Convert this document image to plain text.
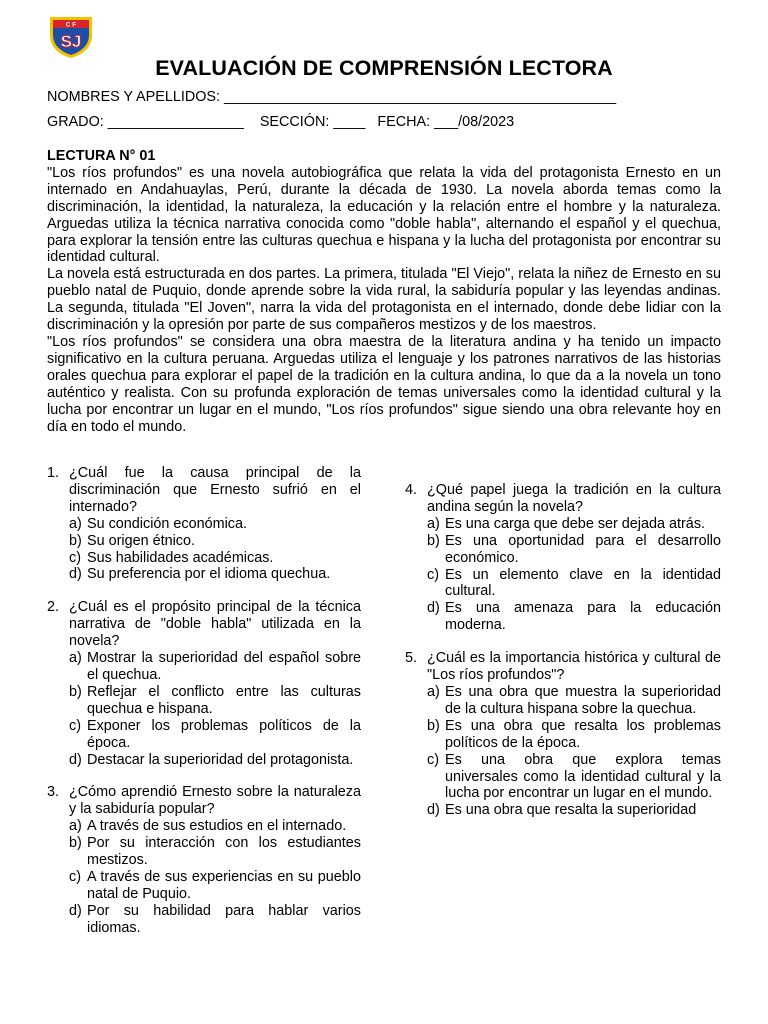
C F
SJ
EVALUACIÓN DE COMPRENSIÓN LECTORA
NOMBRES Y APELLIDOS: _________________________________________________
GRADO: _________________    SECCIÓN: ____   FECHA: ___/08/2023
LECTURA N° 01

"Los ríos profundos" es una novela autobiográfica que relata la vida del protagonista Ernesto en un internado en Andahuaylas, Perú, durante la década de 1930. La novela aborda temas como la discriminación, la identidad, la naturaleza, la educación y la relación entre el hombre y la naturaleza. Arguedas utiliza la técnica narrativa conocida como "doble habla", alternando el español y el quechua, para explorar la tensión entre las culturas quechua e hispana y la lucha del protagonista por encontrar su identidad cultural.

La novela está estructurada en dos partes. La primera, titulada "El Viejo", relata la niñez de Ernesto en su pueblo natal de Puquio, donde aprende sobre la vida rural, la sabiduría popular y las leyendas andinas. La segunda, titulada "El Joven", narra la vida del protagonista en el internado, donde debe lidiar con la discriminación y la opresión por parte de sus compañeros mestizos y de los maestros.

"Los ríos profundos" se considera una obra maestra de la literatura andina y ha tenido un impacto significativo en la cultura peruana. Arguedas utiliza el lenguaje y los patrones narrativos de las historias orales quechua para explorar el papel de la tradición en la cultura andina, lo que da a la novela un tono auténtico y realista. Con su profunda exploración de temas universales como la identidad cultural y la lucha por encontrar un lugar en el mundo, "Los ríos profundos" sigue siendo una obra relevante hoy en día en todo el mundo.

1. ¿Cuál fue la causa principal de la discriminación que Ernesto sufrió en el internado?
a) Su condición económica.
b) Su origen étnico.
c) Sus habilidades académicas.
d) Su preferencia por el idioma quechua.
2. ¿Cuál es el propósito principal de la técnica narrativa de "doble habla" utilizada en la novela?
a) Mostrar la superioridad del español sobre el quechua.
b) Reflejar el conflicto entre las culturas quechua e hispana.
c) Exponer los problemas políticos de la época.
d) Destacar la superioridad del protagonista.
3. ¿Cómo aprendió Ernesto sobre la naturaleza y la sabiduría popular?
a) A través de sus estudios en el internado.
b) Por su interacción con los estudiantes mestizos.
c) A través de sus experiencias en su pueblo natal de Puquio.
d) Por su habilidad para hablar varios idiomas.
4. ¿Qué papel juega la tradición en la cultura andina según la novela?
a) Es una carga que debe ser dejada atrás.
b) Es una oportunidad para el desarrollo económico.
c) Es un elemento clave en la identidad cultural.
d) Es una amenaza para la educación moderna.
5. ¿Cuál es la importancia histórica y cultural de "Los ríos profundos"?
a) Es una obra que muestra la superioridad de la cultura hispana sobre la quechua.
b) Es una obra que resalta los problemas políticos de la época.
c) Es una obra que explora temas universales como la identidad cultural y la lucha por encontrar un lugar en el mundo.
d) Es una obra que resalta la superioridad
